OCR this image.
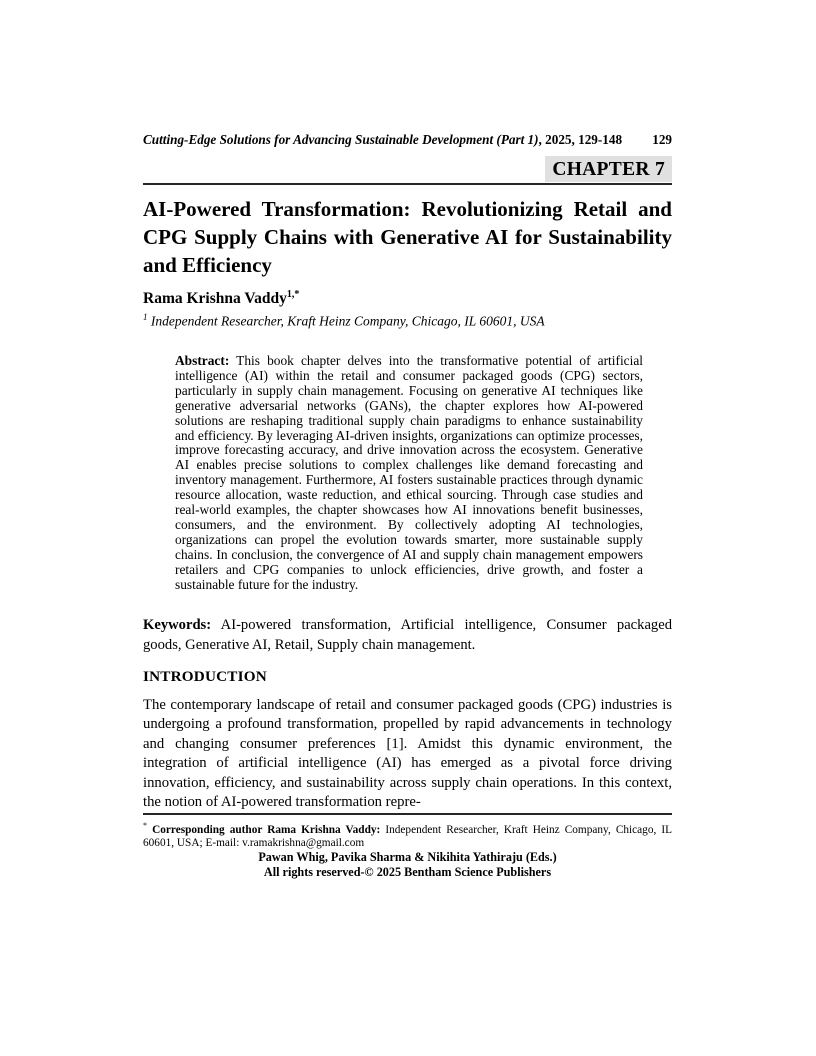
Cutting-Edge Solutions for Advancing Sustainable Development (Part 1), 2025, 129-148	129
CHAPTER 7
AI-Powered Transformation: Revolutionizing Retail and CPG Supply Chains with Generative AI for Sustainability and Efficiency
Rama Krishna Vaddy$^{1,*}$
$^1$ Independent Researcher, Kraft Heinz Company, Chicago, IL 60601, USA
Abstract: This book chapter delves into the transformative potential of artificial intelligence (AI) within the retail and consumer packaged goods (CPG) sectors, particularly in supply chain management. Focusing on generative AI techniques like generative adversarial networks (GANs), the chapter explores how AI-powered solutions are reshaping traditional supply chain paradigms to enhance sustainability and efficiency. By leveraging AI-driven insights, organizations can optimize processes, improve forecasting accuracy, and drive innovation across the ecosystem. Generative AI enables precise solutions to complex challenges like demand forecasting and inventory management. Furthermore, AI fosters sustainable practices through dynamic resource allocation, waste reduction, and ethical sourcing. Through case studies and real-world examples, the chapter showcases how AI innovations benefit businesses, consumers, and the environment. By collectively adopting AI technologies, organizations can propel the evolution towards smarter, more sustainable supply chains. In conclusion, the convergence of AI and supply chain management empowers retailers and CPG companies to unlock efficiencies, drive growth, and foster a sustainable future for the industry.
Keywords: AI-powered transformation, Artificial intelligence, Consumer packaged goods, Generative AI, Retail, Supply chain management.
INTRODUCTION
The contemporary landscape of retail and consumer packaged goods (CPG) industries is undergoing a profound transformation, propelled by rapid advancements in technology and changing consumer preferences [1]. Amidst this dynamic environment, the integration of artificial intelligence (AI) has emerged as a pivotal force driving innovation, efficiency, and sustainability across supply chain operations. In this context, the notion of AI-powered transformation repre-
* Corresponding author Rama Krishna Vaddy: Independent Researcher, Kraft Heinz Company, Chicago, IL 60601, USA; E-mail: v.ramakrishna@gmail.com
Pawan Whig, Pavika Sharma & Nikihita Yathiraju (Eds.)
All rights reserved-© 2025 Bentham Science Publishers
